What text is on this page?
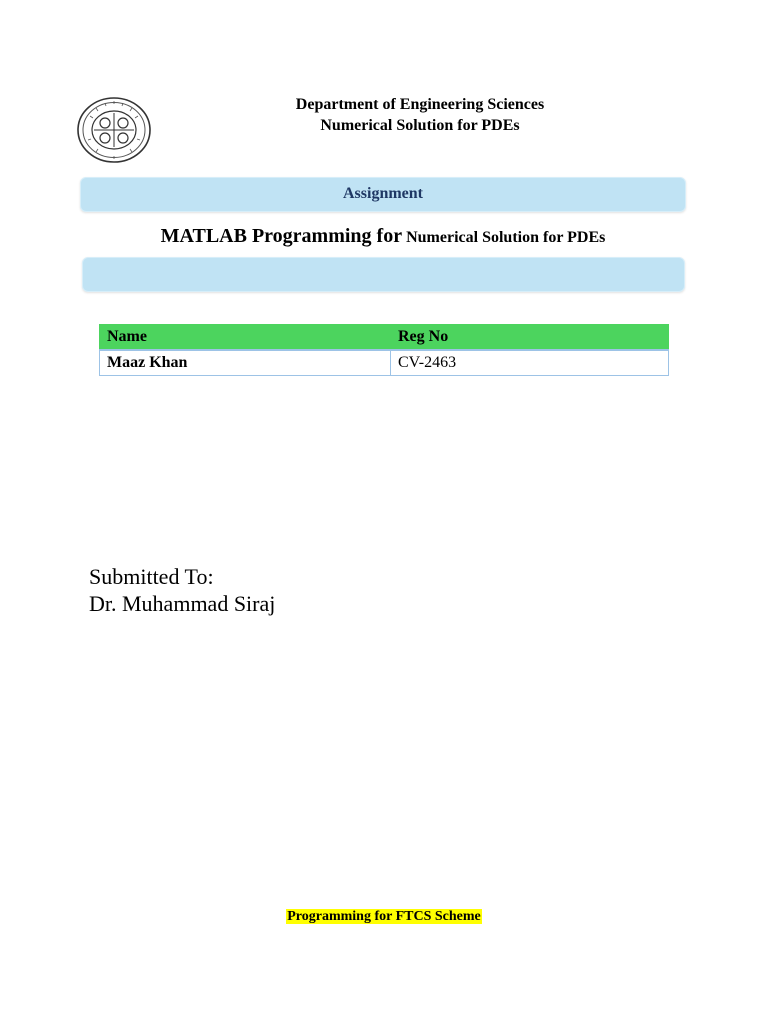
Department of Engineering Sciences
Numerical Solution for PDEs
Assignment
MATLAB Programming for Numerical Solution for PDEs
Name	Reg No
Maaz Khan	CV-2463
Submitted To:
Dr. Muhammad Siraj
Programming for FTCS Scheme
